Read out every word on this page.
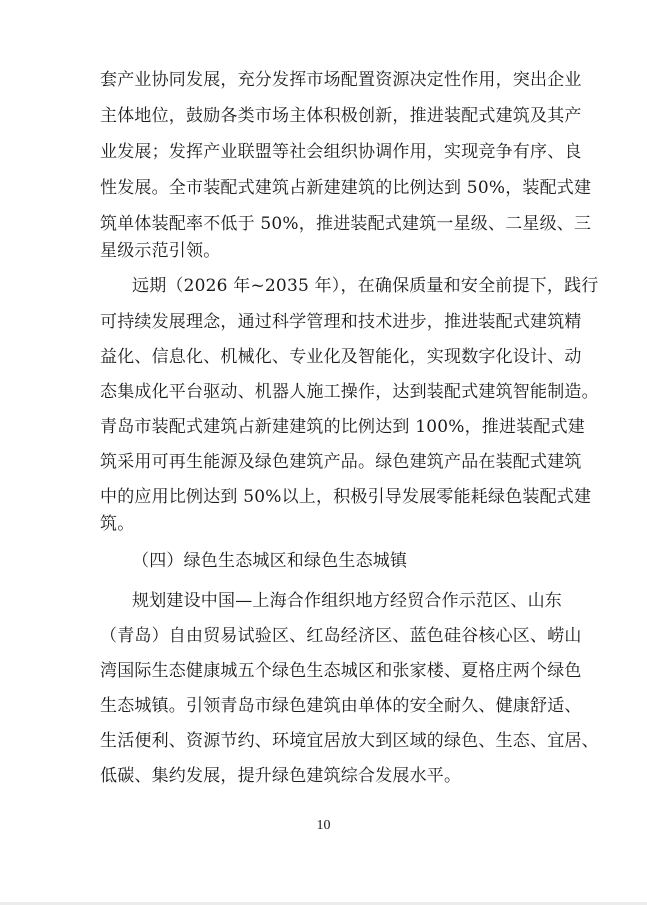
套产业协同发展，充分发挥市场配置资源决定性作用，突出企业
主体地位，鼓励各类市场主体积极创新，推进装配式建筑及其产
业发展；发挥产业联盟等社会组织协调作用，实现竞争有序、良
性发展。全市装配式建筑占新建建筑的比例达到 50%，装配式建
筑单体装配率不低于 50%，推进装配式建筑一星级、二星级、三
星级示范引领。
远期（2026 年~2035 年），在确保质量和安全前提下，践行
可持续发展理念，通过科学管理和技术进步，推进装配式建筑精
益化、信息化、机械化、专业化及智能化，实现数字化设计、动
态集成化平台驱动、机器人施工操作，达到装配式建筑智能制造。
青岛市装配式建筑占新建建筑的比例达到 100%，推进装配式建
筑采用可再生能源及绿色建筑产品。绿色建筑产品在装配式建筑
中的应用比例达到 50%以上，积极引导发展零能耗绿色装配式建
筑。
（四）绿色生态城区和绿色生态城镇
规划建设中国—上海合作组织地方经贸合作示范区、山东
（青岛）自由贸易试验区、红岛经济区、蓝色硅谷核心区、崂山
湾国际生态健康城五个绿色生态城区和张家楼、夏格庄两个绿色
生态城镇。引领青岛市绿色建筑由单体的安全耐久、健康舒适、
生活便利、资源节约、环境宜居放大到区域的绿色、生态、宜居、
低碳、集约发展，提升绿色建筑综合发展水平。
10
